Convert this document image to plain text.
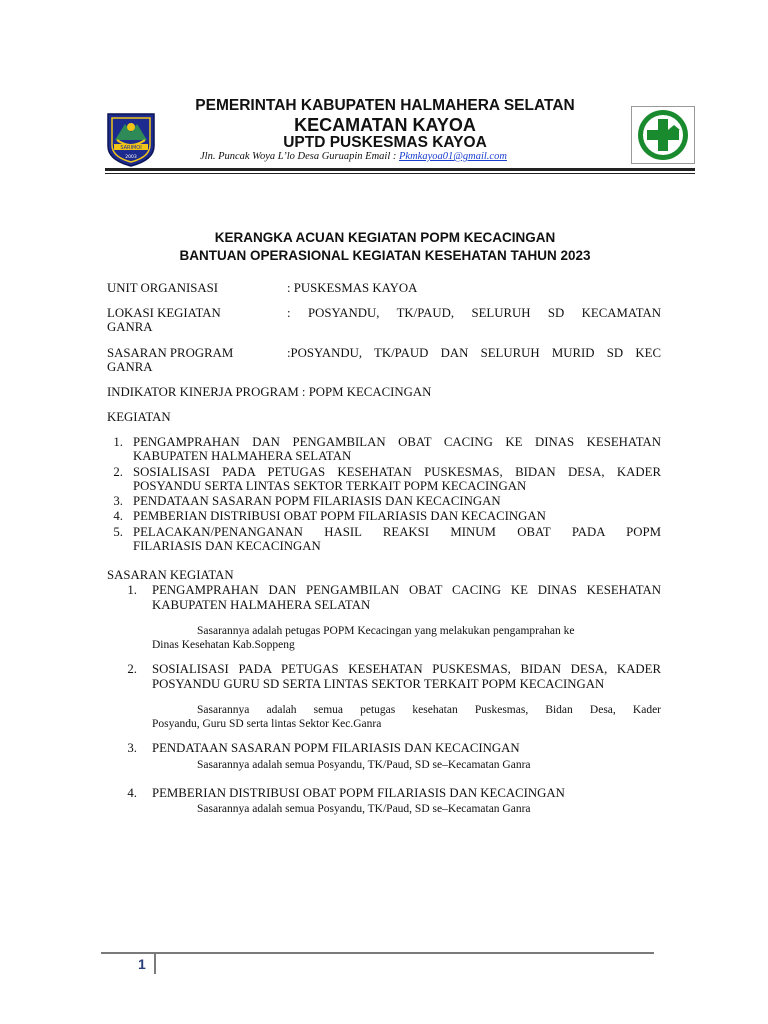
SARIMOI
2003
PEMERINTAH KABUPATEN HALMAHERA SELATAN
KECAMATAN KAYOA
UPTD PUSKESMAS KAYOA
Jln. Puncak Woya L’lo Desa Guruapin Email : Pkmkayoa01@gmail.com
KERANGKA ACUAN KEGIATAN POPM KECACINGAN
BANTUAN OPERASIONAL KEGIATAN KESEHATAN TAHUN 2023
UNIT ORGANISASI	: PUSKESMAS KAYOA
LOKASI KEGIATAN	: POSYANDU, TK/PAUD, SELURUH SD KECAMATAN
GANRA
SASARAN PROGRAM	:POSYANDU, TK/PAUD DAN SELURUH MURID SD KEC
GANRA
INDIKATOR KINERJA PROGRAM : POPM KECACINGAN
KEGIATAN
1. PENGAMPRAHAN DAN PENGAMBILAN OBAT CACING KE DINAS KESEHATAN
KABUPATEN HALMAHERA SELATAN
2. SOSIALISASI PADA PETUGAS KESEHATAN PUSKESMAS, BIDAN DESA, KADER
POSYANDU SERTA LINTAS SEKTOR TERKAIT POPM KECACINGAN
3. PENDATAAN SASARAN POPM FILARIASIS DAN KECACINGAN
4. PEMBERIAN DISTRIBUSI OBAT POPM FILARIASIS DAN KECACINGAN
5. PELACAKAN/PENANGANAN HASIL REAKSI MINUM OBAT PADA POPM
FILARIASIS DAN KECACINGAN
SASARAN KEGIATAN
1. PENGAMPRAHAN DAN PENGAMBILAN OBAT CACING KE DINAS KESEHATAN
KABUPATEN HALMAHERA SELATAN
Sasarannya adalah petugas POPM Kecacingan yang melakukan pengamprahan ke
Dinas Kesehatan Kab.Soppeng
2. SOSIALISASI PADA PETUGAS KESEHATAN PUSKESMAS, BIDAN DESA, KADER
POSYANDU GURU SD SERTA LINTAS SEKTOR TERKAIT POPM KECACINGAN
Sasarannya adalah semua petugas kesehatan Puskesmas, Bidan Desa, Kader
Posyandu, Guru SD serta lintas Sektor Kec.Ganra
3. PENDATAAN SASARAN POPM FILARIASIS DAN KECACINGAN
Sasarannya adalah semua Posyandu, TK/Paud, SD se–Kecamatan Ganra
4. PEMBERIAN DISTRIBUSI OBAT POPM FILARIASIS DAN KECACINGAN
Sasarannya adalah semua Posyandu, TK/Paud, SD se–Kecamatan Ganra
1
